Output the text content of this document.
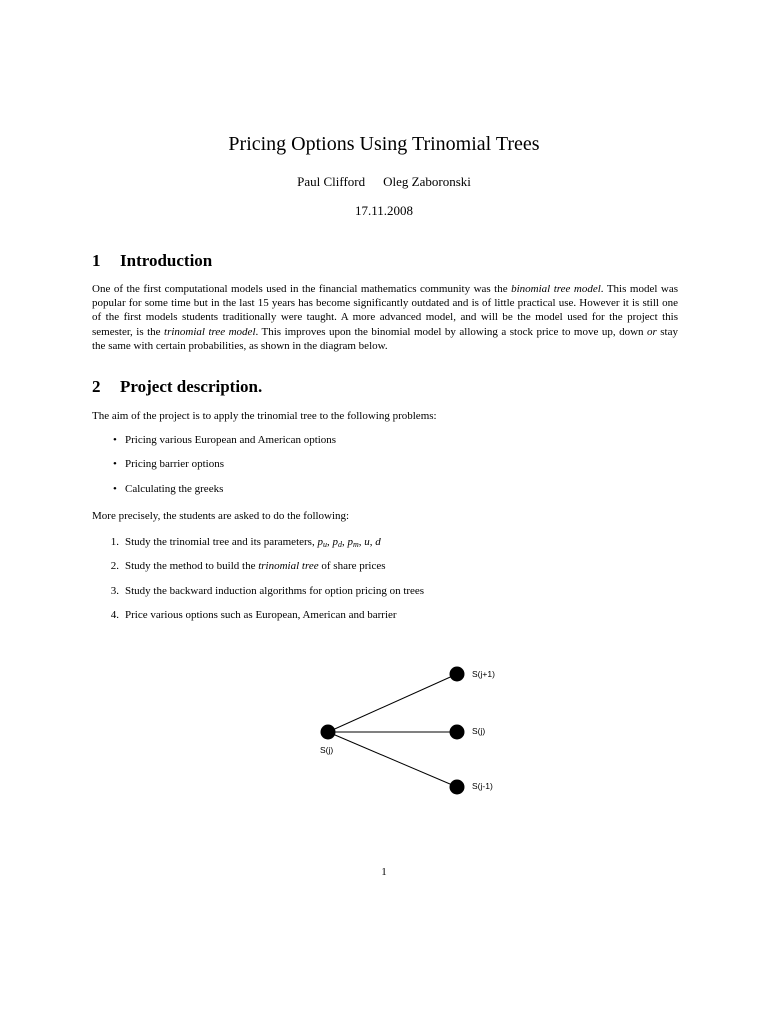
Pricing Options Using Trinomial Trees
Paul Clifford Oleg Zaboronski
17.11.2008
1 Introduction
One of the first computational models used in the financial mathematics community was the binomial tree model. This model was popular for some time but in the last 15 years has become significantly outdated and is of little practical use. However it is still one of the first models students traditionally were taught. A more advanced model, and will be the model used for the project this semester, is the trinomial tree model. This improves upon the binomial model by allowing a stock price to move up, down or stay the same with certain probabilities, as shown in the diagram below.
2 Project description.
The aim of the project is to apply the trinomial tree to the following problems:
• Pricing various European and American options
• Pricing barrier options
• Calculating the greeks
More precisely, the students are asked to do the following:
1. Study the trinomial tree and its parameters, $p_u$, $p_d$, $p_m$, u, d
2. Study the method to build the trinomial tree of share prices
3. Study the backward induction algorithms for option pricing on trees
4. Price various options such as European, American and barrier
S(j)
S(j+1)
S(j)
S(j-1)
1
